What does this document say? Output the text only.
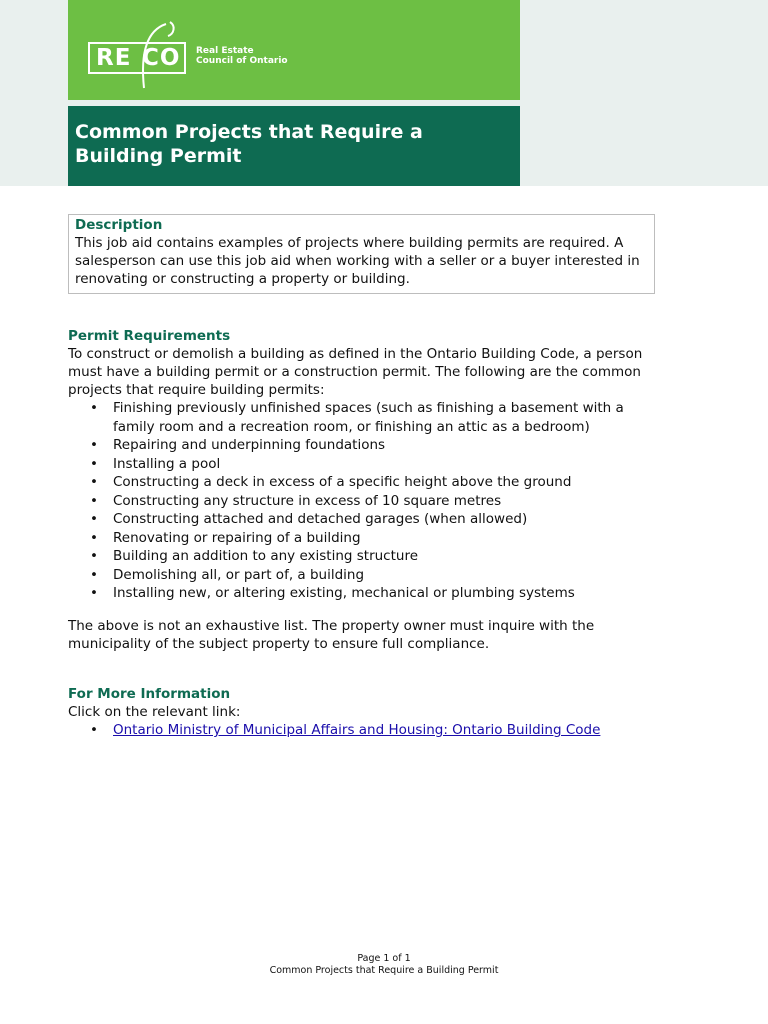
RE CO Real Estate
Council of Ontario
Common Projects that Require a Building Permit

Description

This job aid contains examples of projects where building permits are required. A salesperson can use this job aid when working with a seller or a buyer interested in renovating or constructing a property or building.

Permit Requirements

To construct or demolish a building as defined in the Ontario Building Code, a person must have a building permit or a construction permit. The following are the common projects that require building permits:

• Finishing previously unfinished spaces (such as finishing a basement with a family room and a recreation room, or finishing an attic as a bedroom)
• Repairing and underpinning foundations
• Installing a pool
• Constructing a deck in excess of a specific height above the ground
• Constructing any structure in excess of 10 square metres
• Constructing attached and detached garages (when allowed)
• Renovating or repairing of a building
• Building an addition to any existing structure
• Demolishing all, or part of, a building
• Installing new, or altering existing, mechanical or plumbing systems

The above is not an exhaustive list. The property owner must inquire with the municipality of the subject property to ensure full compliance.

For More Information

Click on the relevant link:

• Ontario Ministry of Municipal Affairs and Housing: Ontario Building Code
Page 1 of 1
Common Projects that Require a Building Permit
